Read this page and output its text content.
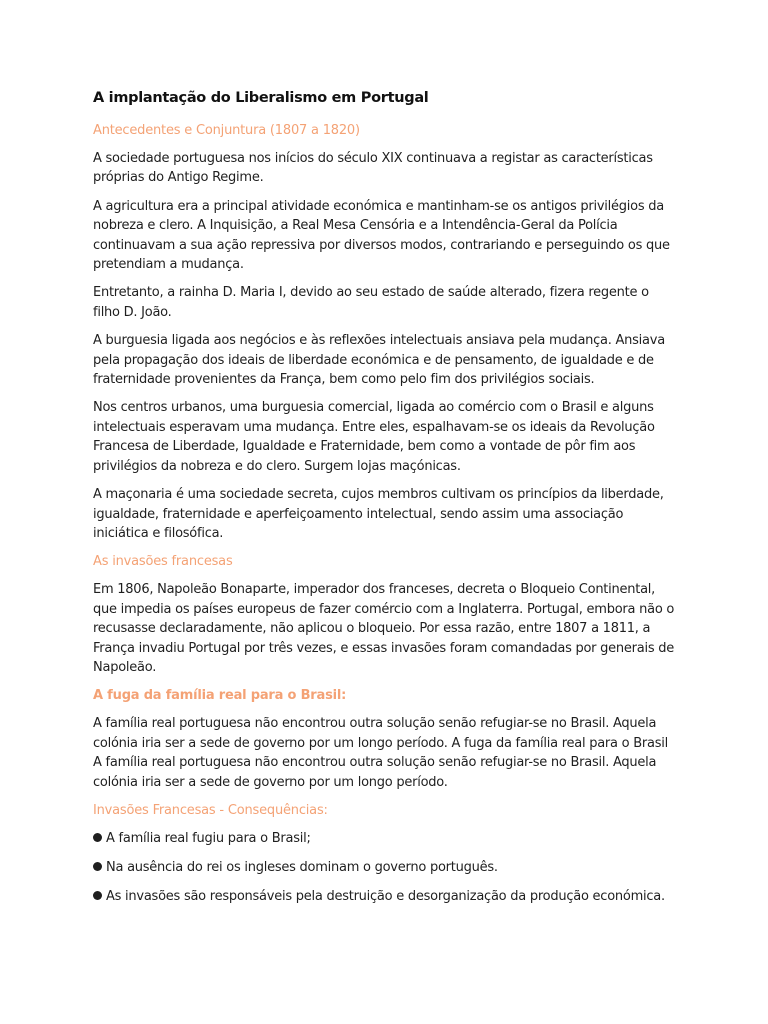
A implantação do Liberalismo em Portugal
Antecedentes e Conjuntura (1807 a 1820)
A sociedade portuguesa nos inícios do século XIX continuava a registar as características próprias do Antigo Regime.
A agricultura era a principal atividade económica e mantinham-se os antigos privilégios da nobreza e clero. A Inquisição, a Real Mesa Censória e a Intendência-Geral da Polícia continuavam a sua ação repressiva por diversos modos, contrariando e perseguindo os que pretendiam a mudança.
Entretanto, a rainha D. Maria I, devido ao seu estado de saúde alterado, fizera regente o filho D. João.
A burguesia ligada aos negócios e às reflexões intelectuais ansiava pela mudança. Ansiava pela propagação dos ideais de liberdade económica e de pensamento, de igualdade e de fraternidade provenientes da França, bem como pelo fim dos privilégios sociais.
Nos centros urbanos, uma burguesia comercial, ligada ao comércio com o Brasil e alguns intelectuais esperavam uma mudança. Entre eles, espalhavam-se os ideais da Revolução Francesa de Liberdade, Igualdade e Fraternidade, bem como a vontade de pôr fim aos privilégios da nobreza e do clero. Surgem lojas maçónicas.
A maçonaria é uma sociedade secreta, cujos membros cultivam os princípios da liberdade, igualdade, fraternidade e aperfeiçoamento intelectual, sendo assim uma associação iniciática e filosófica.
As invasões francesas
Em 1806, Napoleão Bonaparte, imperador dos franceses, decreta o Bloqueio Continental, que impedia os países europeus de fazer comércio com a Inglaterra. Portugal, embora não o recusasse declaradamente, não aplicou o bloqueio. Por essa razão, entre 1807 a 1811, a França invadiu Portugal por três vezes, e essas invasões foram comandadas por generais de Napoleão.
A fuga da família real para o Brasil:
A família real portuguesa não encontrou outra solução senão refugiar-se no Brasil. Aquela colónia iria ser a sede de governo por um longo período. A fuga da família real para o Brasil A família real portuguesa não encontrou outra solução senão refugiar-se no Brasil. Aquela colónia iria ser a sede de governo por um longo período.
Invasões Francesas - Consequências:
A família real fugiu para o Brasil;
Na ausência do rei os ingleses dominam o governo português.
As invasões são responsáveis pela destruição e desorganização da produção económica.
